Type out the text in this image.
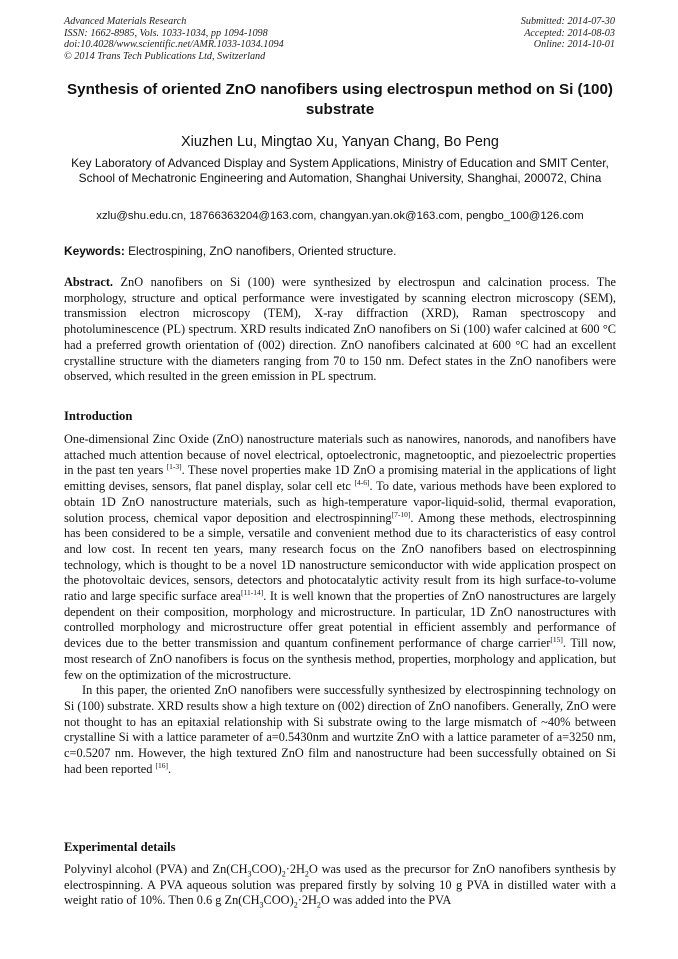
Advanced Materials Research
ISSN: 1662-8985, Vols. 1033-1034, pp 1094-1098
doi:10.4028/www.scientific.net/AMR.1033-1034.1094
© 2014 Trans Tech Publications Ltd, Switzerland
Submitted: 2014-07-30
Accepted: 2014-08-03
Online: 2014-10-01
Synthesis of oriented ZnO nanofibers using electrospun method on Si (100) substrate
Xiuzhen Lu, Mingtao Xu, Yanyan Chang, Bo Peng
Key Laboratory of Advanced Display and System Applications, Ministry of Education and SMIT Center, School of Mechatronic Engineering and Automation, Shanghai University, Shanghai, 200072, China
xzlu@shu.edu.cn, 18766363204@163.com, changyan.yan.ok@163.com, pengbo_100@126.com
Keywords: Electrospining, ZnO nanofibers, Oriented structure.

Abstract. ZnO nanofibers on Si (100) were synthesized by electrospun and calcination process. The morphology, structure and optical performance were investigated by scanning electron microscopy (SEM), transmission electron microscopy (TEM), X-ray diffraction (XRD), Raman spectroscopy and photoluminescence (PL) spectrum. XRD results indicated ZnO nanofibers on Si (100) wafer calcined at 600 °C had a preferred growth orientation of (002) direction. ZnO nanofibers calcinated at 600 °C had an excellent crystalline structure with the diameters ranging from 70 to 150 nm. Defect states in the ZnO nanofibers were observed, which resulted in the green emission in PL spectrum.

Introduction

One-dimensional Zinc Oxide (ZnO) nanostructure materials such as nanowires, nanorods, and nanofibers have attached much attention because of novel electrical, optoelectronic, magnetooptic, and piezoelectric properties in the past ten years [1-3]. These novel properties make 1D ZnO a promising material in the applications of light emitting devises, sensors, flat panel display, solar cell etc [4-6]. To date, various methods have been explored to obtain 1D ZnO nanostructure materials, such as high-temperature vapor-liquid-solid, thermal evaporation, solution process, chemical vapor deposition and electrospinning[7-10]. Among these methods, electrospinning has been considered to be a simple, versatile and convenient method due to its characteristics of easy control and low cost. In recent ten years, many research focus on the ZnO nanofibers based on electrospinning technology, which is thought to be a novel 1D nanostructure semiconductor with wide application prospect on the photovoltaic devices, sensors, detectors and photocatalytic activity result from its high surface-to-volume ratio and large specific surface area[11-14]. It is well known that the properties of ZnO nanostructures are largely dependent on their composition, morphology and microstructure. In particular, 1D ZnO nanostructures with controlled morphology and microstructure offer great potential in efficient assembly and performance of devices due to the better transmission and quantum confinement performance of charge carrier[15]. Till now, most research of ZnO nanofibers is focus on the synthesis method, properties, morphology and application, but few on the optimization of the microstructure.

In this paper, the oriented ZnO nanofibers were successfully synthesized by electrospinning technology on Si (100) substrate. XRD results show a high texture on (002) direction of ZnO nanofibers. Generally, ZnO were not thought to has an epitaxial relationship with Si substrate owing to the large mismatch of ~40% between crystalline Si with a lattice parameter of a=0.5430nm and wurtzite ZnO with a lattice parameter of a=3250 nm, c=0.5207 nm. However, the high textured ZnO film and nanostructure had been successfully obtained on Si had been reported [16].

Experimental details

Polyvinyl alcohol (PVA) and $Zn(CH_3COO)_2\cdot 2H_2O$ was used as the precursor for ZnO nanofibers synthesis by electrospinning. A PVA aqueous solution was prepared firstly by solving 10 g PVA in distilled water with a weight ratio of 10%. Then 0.6 g $Zn(CH_3COO)_2\cdot 2H_2O$ was added into the PVA
